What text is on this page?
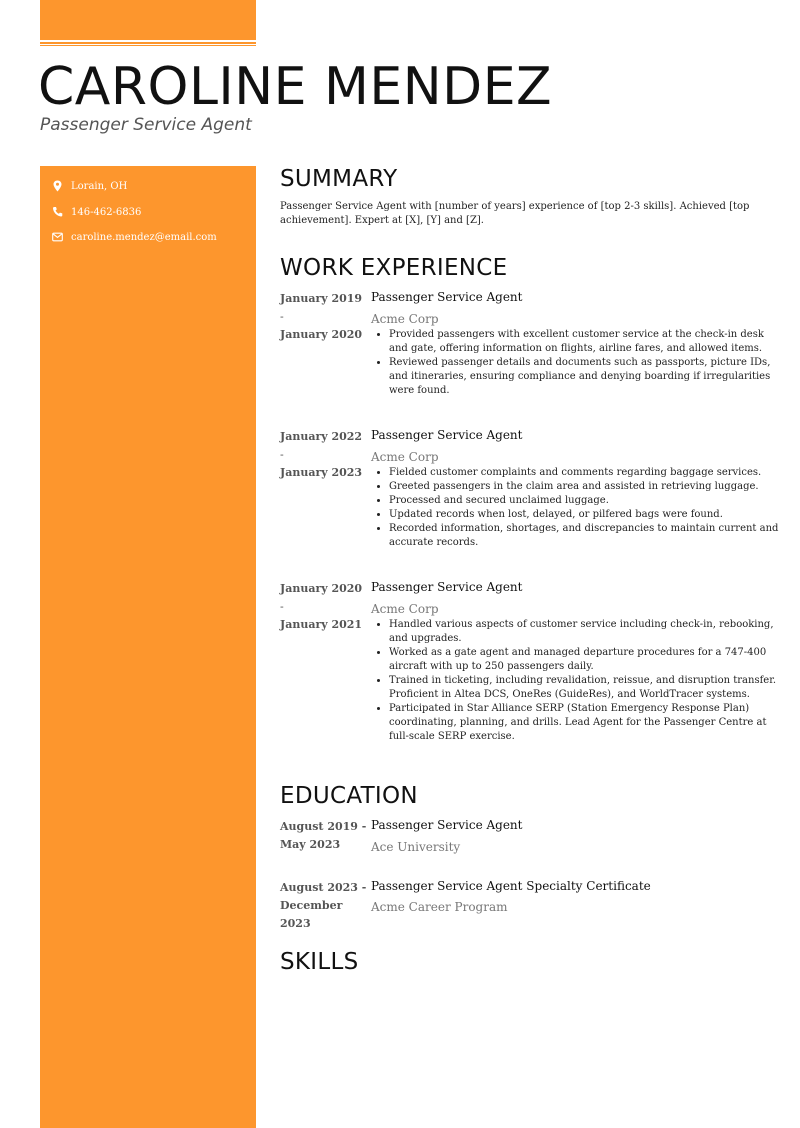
CAROLINE MENDEZ
Passenger Service Agent
Lorain, OH
146-462-6836
caroline.mendez@email.com
SUMMARY
Passenger Service Agent with [number of years] experience of [top 2-3 skills]. Achieved [top achievement]. Expert at [X], [Y] and [Z].
WORK EXPERIENCE
January 2019
-
January 2020
Passenger Service Agent
Acme Corp
• Provided passengers with excellent customer service at the check-in desk and gate, offering information on flights, airline fares, and allowed items.
• Reviewed passenger details and documents such as passports, picture IDs, and itineraries, ensuring compliance and denying boarding if irregularities were found.
January 2022
-
January 2023
Passenger Service Agent
Acme Corp
• Fielded customer complaints and comments regarding baggage services.
• Greeted passengers in the claim area and assisted in retrieving luggage.
• Processed and secured unclaimed luggage.
• Updated records when lost, delayed, or pilfered bags were found.
• Recorded information, shortages, and discrepancies to maintain current and accurate records.
January 2020
-
January 2021
Passenger Service Agent
Acme Corp
• Handled various aspects of customer service including check-in, rebooking, and upgrades.
• Worked as a gate agent and managed departure procedures for a 747-400 aircraft with up to 250 passengers daily.
• Trained in ticketing, including revalidation, reissue, and disruption transfer. Proficient in Altea DCS, OneRes (GuideRes), and WorldTracer systems.
• Participated in Star Alliance SERP (Station Emergency Response Plan) coordinating, planning, and drills. Lead Agent for the Passenger Centre at full-scale SERP exercise.
EDUCATION
August 2019 -
May 2023
Passenger Service Agent
Ace University
August 2023 -
December 2023
Passenger Service Agent Specialty Certificate
Acme Career Program
SKILLS
